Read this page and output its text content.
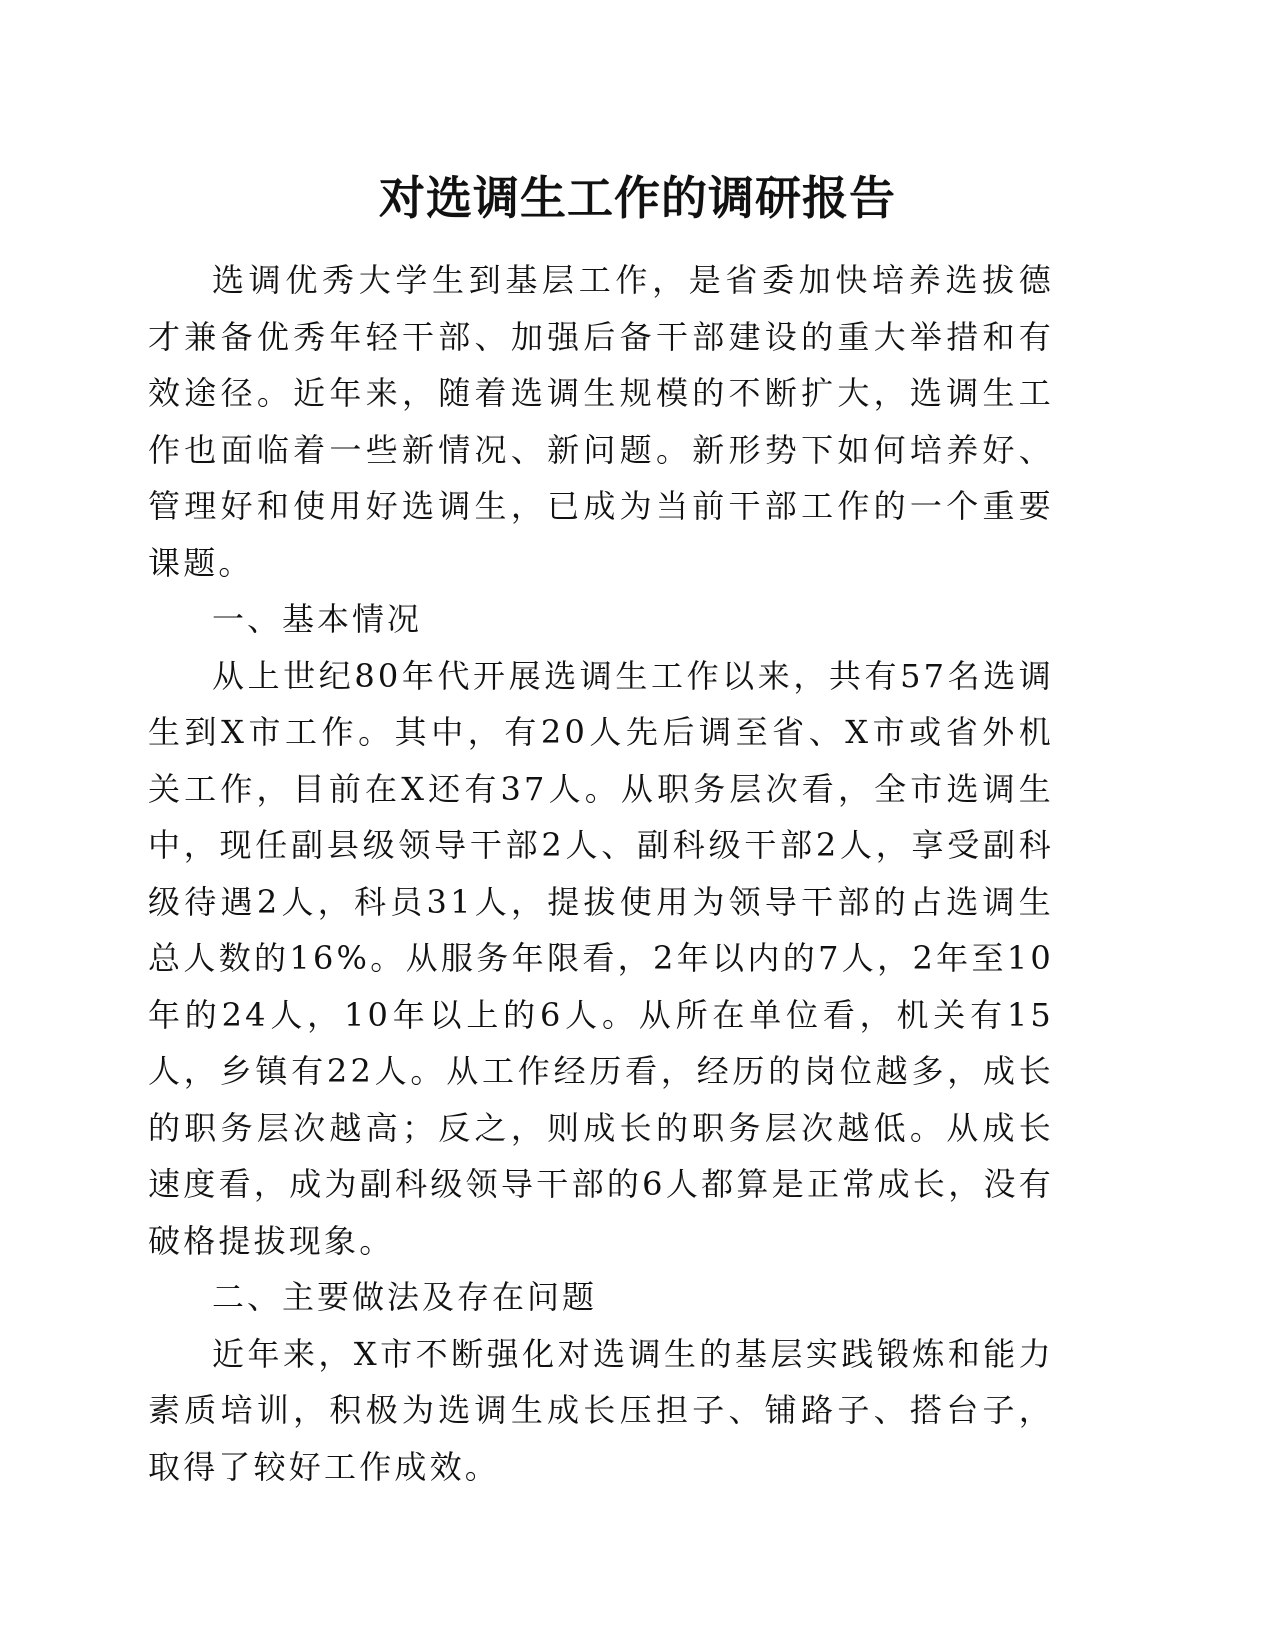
对选调生工作的调研报告

选调优秀大学生到基层工作，是省委加快培养选拔德才兼备优秀年轻干部、加强后备干部建设的重大举措和有效途径。近年来，随着选调生规模的不断扩大，选调生工作也面临着一些新情况、新问题。新形势下如何培养好、管理好和使用好选调生，已成为当前干部工作的一个重要课题。

一、基本情况

从上世纪80年代开展选调生工作以来，共有57名选调生到X市工作。其中，有20人先后调至省、X市或省外机关工作，目前在X还有37人。从职务层次看，全市选调生中，现任副县级领导干部2人、副科级干部2人，享受副科级待遇2人，科员31人，提拔使用为领导干部的占选调生总人数的16%。从服务年限看，2年以内的7人，2年至10年的24人，10年以上的6人。从所在单位看，机关有15人，乡镇有22人。从工作经历看，经历的岗位越多，成长的职务层次越高；反之，则成长的职务层次越低。从成长速度看，成为副科级领导干部的6人都算是正常成长，没有破格提拔现象。

二、主要做法及存在问题

近年来，X市不断强化对选调生的基层实践锻炼和能力素质培训，积极为选调生成长压担子、铺路子、搭台子，取得了较好工作成效。
